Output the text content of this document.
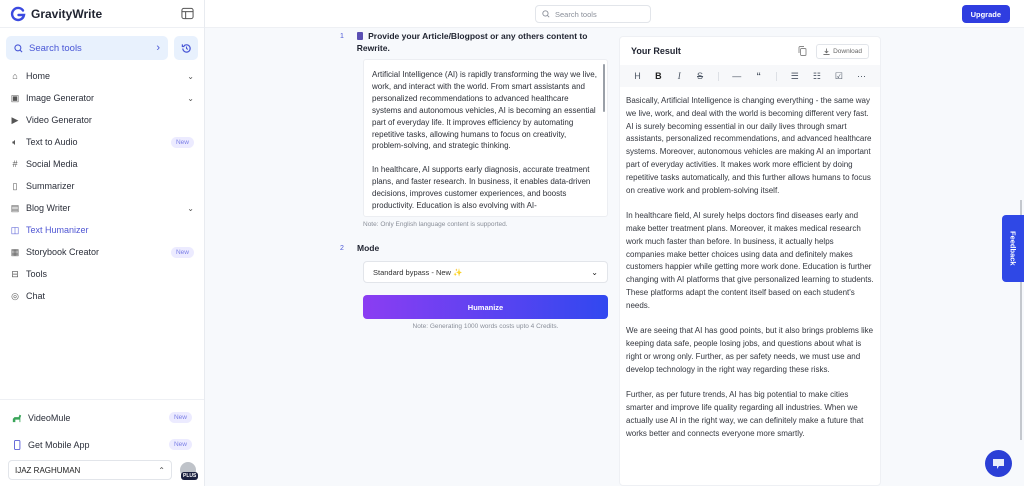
GravityWrite
Search tools	›
⌂ Home	⌄
▣ Image Generator	⌄
▶ Video Generator
🔈︎ Text to Audio	New
# Social Media
▯ Summarizer
▤ Blog Writer	⌄
◫ Text Humanizer
▦ Storybook Creator	New
⊟ Tools
◎ Chat
VideoMule	New
Get Mobile App	New
IJAZ RAGHUMAN	⌃
PLUS
Search tools	Upgrade
1	Provide your Article/Blogpost or any others content to Rewrite.

Artificial Intelligence (AI) is rapidly transforming the way we live, work, and interact with the world. From smart assistants and personalized recommendations to advanced healthcare systems and autonomous vehicles, AI is becoming an essential part of everyday life. It improves efficiency by automating repetitive tasks, allowing humans to focus on creativity, problem-solving, and strategic thinking.

In healthcare, AI supports early diagnosis, accurate treatment plans, and faster research. In business, it enables data-driven decisions, improves customer experiences, and boosts productivity. Education is also evolving with AI-

Note: Only English language content is supported.
2	Mode
Standard bypass - New ✨	⌄
Humanize
Note: Generating 1000 words costs upto 4 Credits.
Your Result	Download
H B I S	— “	☰ ☷ ☑ ⋯

Basically, Artificial Intelligence is changing everything - the same way we live, work, and deal with the world is becoming different very fast. AI is surely becoming essential in our daily lives through smart assistants, personalized recommendations, and advanced healthcare systems. Moreover, autonomous vehicles are making AI an important part of everyday activities. It makes work more efficient by doing repetitive tasks automatically, and this further allows humans to focus on creative work and problem-solving itself.

In healthcare field, AI surely helps doctors find diseases early and make better treatment plans. Moreover, it makes medical research work much faster than before. In business, it actually helps companies make better choices using data and definitely makes customers happier while getting more work done. Education is further changing with AI platforms that give personalized learning to students. These platforms adapt the content itself based on each student's needs.

We are seeing that AI has good points, but it also brings problems like keeping data safe, people losing jobs, and questions about what is right or wrong only. Further, as per safety needs, we must use and develop technology in the right way regarding these risks.

Further, as per future trends, AI has big potential to make cities smarter and improve life quality regarding all industries. When we actually use AI in the right way, we can definitely make a future that works better and connects everyone more smartly.

Feedback
